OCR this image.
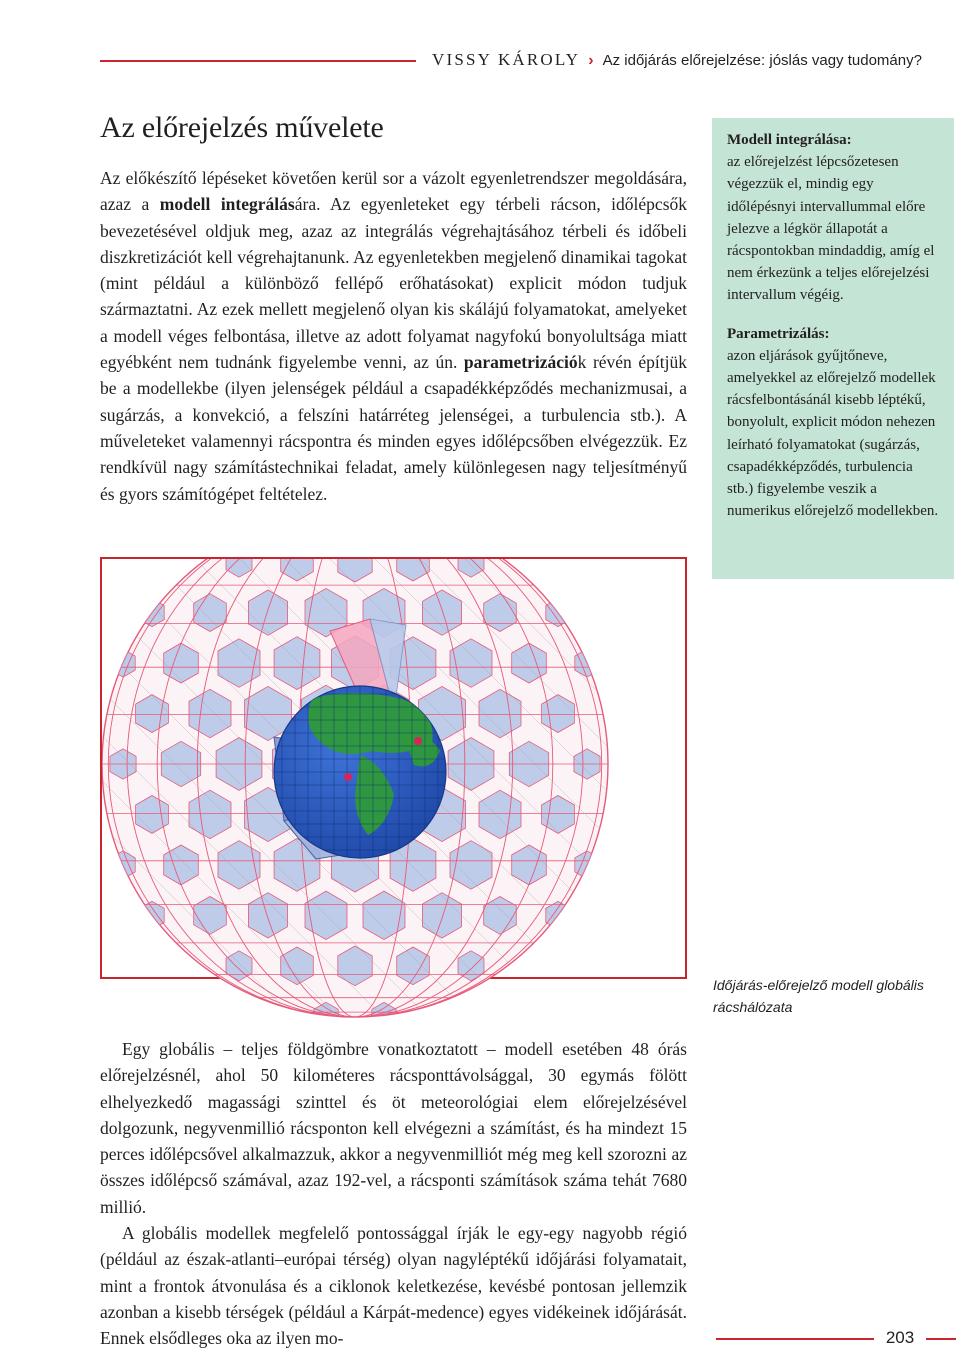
VISSY KÁROLY › Az időjárás előrejelzése: jóslás vagy tudomány?
Az előrejelzés művelete

Az előkészítő lépéseket követően kerül sor a vázolt egyenletrendszer megoldására, azaz a modell integrálására. Az egyenleteket egy térbeli rácson, időlépcsők bevezetésével oldjuk meg, azaz az integrálás végrehajtásához térbeli és időbeli diszkretizációt kell végrehajtanunk. Az egyenletekben megjelenő dinamikai tagokat (mint például a különböző fellépő erőhatásokat) explicit módon tudjuk származtatni. Az ezek mellett megjelenő olyan kis skálájú folyamatokat, amelyeket a modell véges felbontása, illetve az adott folyamat nagyfokú bonyolultsága miatt egyébként nem tudnánk figyelembe venni, az ún. parametrizációk révén építjük be a modellekbe (ilyen jelenségek például a csapadékképződés mechanizmusai, a sugárzás, a konvekció, a felszíni határréteg jelenségei, a turbulencia stb.). A műveleteket valamennyi rácspontra és minden egyes időlépcsőben elvégezzük. Ez rendkívül nagy számítástechnikai feladat, amely különlegesen nagy teljesítményű és gyors számítógépet feltételez.

Modell integrálása:
az előrejelzést lépcsőzetesen végezzük el, mindig egy időlépésnyi intervallummal előre jelezve a légkör állapotát a rácspontokban mindaddig, amíg el nem érkezünk a teljes előrejelzési intervallum végéig.
Parametrizálás:
azon eljárások gyűjtőneve, amelyekkel az előrejelző modellek rácsfelbontásánál kisebb léptékű, bonyolult, explicit módon nehezen leírható folyamatokat (sugárzás, csapadékképződés, turbulencia stb.) figyelembe veszik a numerikus előrejelző modellekben.
Időjárás-előrejelző modell globális rácshálózata

Egy globális – teljes földgömbre vonatkoztatott – modell esetében 48 órás előrejelzésnél, ahol 50 kilométeres rácsponttávolsággal, 30 egymás fölött elhelyezkedő magassági szinttel és öt meteorológiai elem előrejelzésével dolgozunk, negyvenmillió rácsponton kell elvégezni a számítást, és ha mindezt 15 perces időlépcsővel alkalmazzuk, akkor a negyvenmilliót még meg kell szorozni az összes időlépcső számával, azaz 192-vel, a rácsponti számítások száma tehát 7680 millió.

A globális modellek megfelelő pontossággal írják le egy-egy nagyobb régió (például az észak-atlanti–európai térség) olyan nagyléptékű időjárási folyamatait, mint a frontok átvonulása és a ciklonok keletkezése, kevésbé pontosan jellemzik azonban a kisebb térségek (például a Kárpát-medence) egyes vidékeinek időjárását. Ennek elsődleges oka az ilyen mo-	203
